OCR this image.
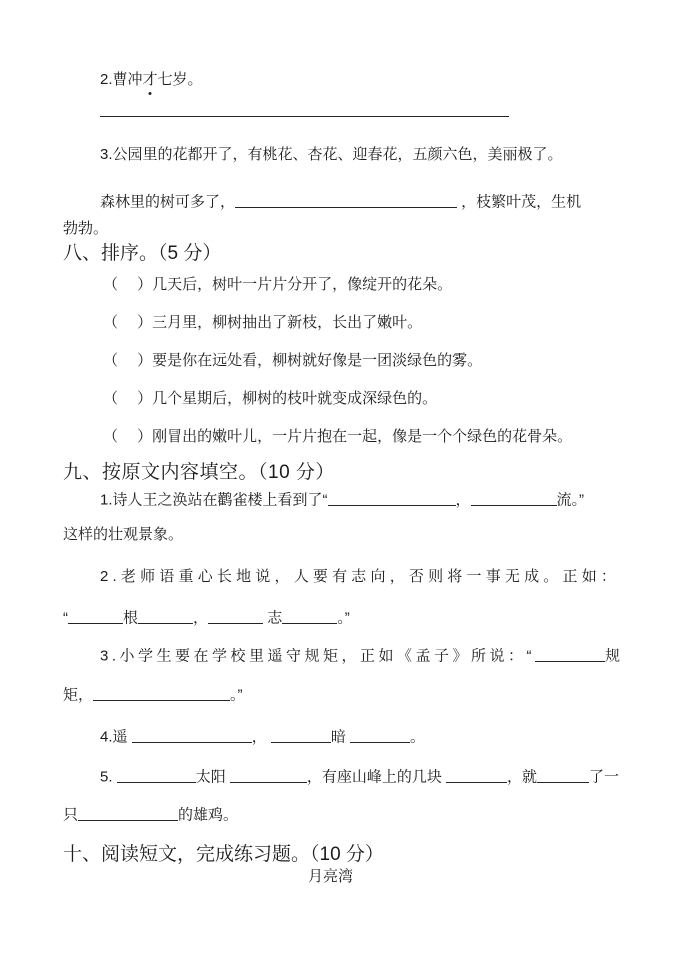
2.曹冲才七岁。
3.公园里的花都开了，有桃花、杏花、迎春花，五颜六色，美丽极了。
森林里的树可多了，	，枝繁叶茂，生机
勃勃。
八、排序。（5 分）
（　 ）几天后，树叶一片片分开了，像绽开的花朵。
（　 ）三月里，柳树抽出了新枝，长出了嫩叶。
（　 ）要是你在远处看，柳树就好像是一团淡绿色的雾。
（　 ）几个星期后，柳树的枝叶就变成深绿色的。
（　 ）刚冒出的嫩叶儿，一片片抱在一起，像是一个个绿色的花骨朵。
九、按原文内容填空。（10 分）
1.诗人王之涣站在鹳雀楼上看到了“	，	流。”
这样的壮观景象。
2.老师语重心长地说，人要有志向，否则将一事无成。正如：
“	根	，	志	。”
3.小学生要在学校里遥守规矩，正如《孟子》所说：“	规
矩，	。”
4.遥	，	暗	。
5.	太阳	，有座山峰上的几块	，就	了一
只	的雄鸡。
十、阅读短文，完成练习题。（10 分）
月亮湾
